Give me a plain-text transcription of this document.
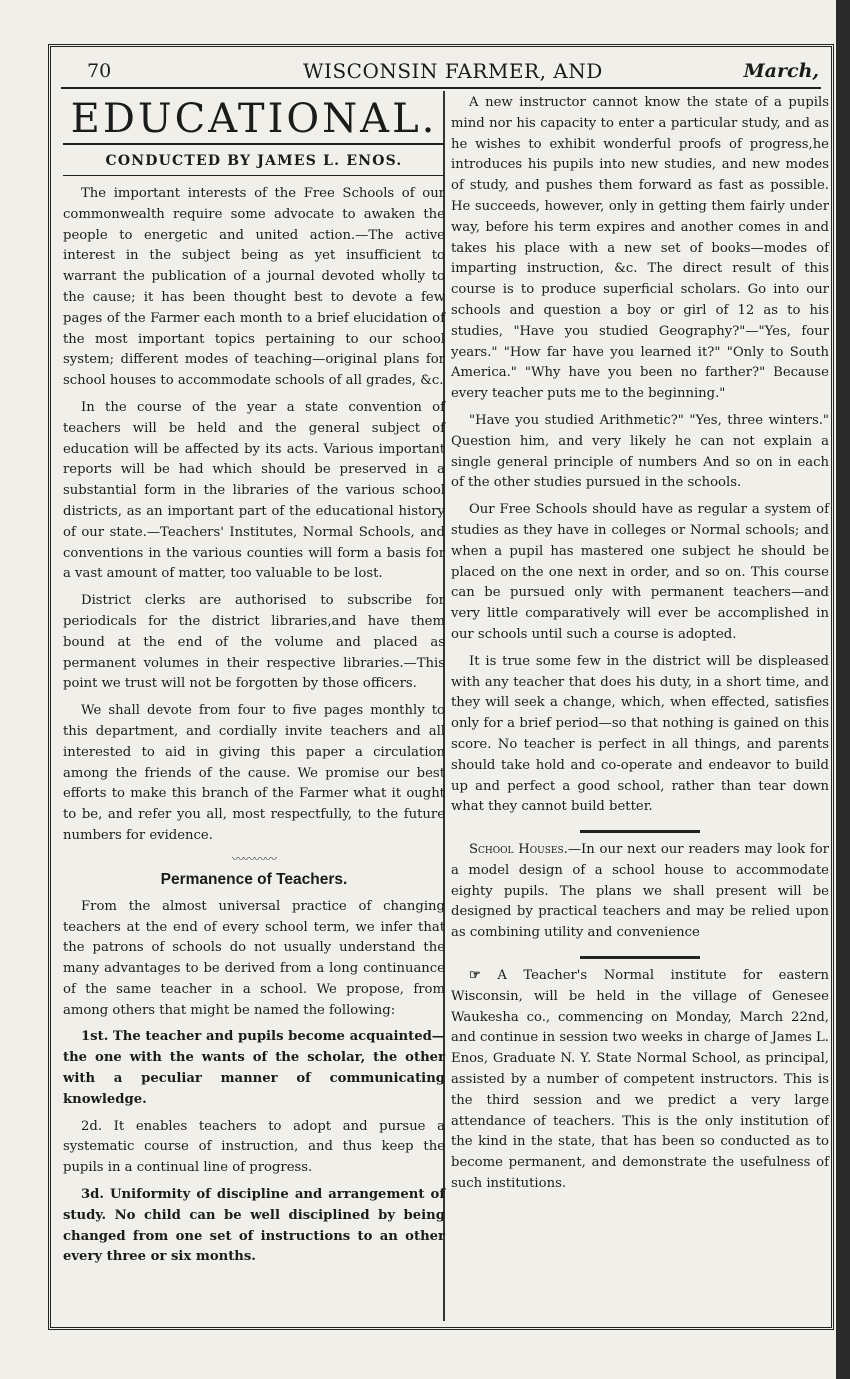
70	WISCONSIN FARMER, AND	March,
EDUCATIONAL.
CONDUCTED BY JAMES L. ENOS.

The important interests of the Free Schools of our commonwealth require some advocate to awaken the people to energetic and united action.—The active interest in the subject being as yet insufficient to warrant the publication of a journal devoted wholly to the cause; it has been thought best to devote a few pages of the Farmer each month to a brief elucidation of the most important topics pertaining to our school system; different modes of teaching—original plans for school houses to accommodate schools of all grades, &c.

In the course of the year a state convention of teachers will be held and the general subject of education will be affected by its acts. Various important reports will be had which should be preserved in a substantial form in the libraries of the various school districts, as an important part of the educational history of our state.—Teachers' Institutes, Normal Schools, and conventions in the various counties will form a basis for a vast amount of matter, too valuable to be lost.

District clerks are authorised to subscribe for periodicals for the district libraries,and have them bound at the end of the volume and placed as permanent volumes in their respective libraries.—This point we trust will not be forgotten by those officers.

We shall devote from four to five pages monthly to this department, and cordially invite teachers and all interested to aid in giving this paper a circulation among the friends of the cause. We promise our best efforts to make this branch of the Farmer what it ought to be, and refer you all, most respectfully, to the future numbers for evidence.

〰〰〰〰
Permanence of Teachers.

From the almost universal practice of changing teachers at the end of every school term, we infer that the patrons of schools do not usually understand the many advantages to be derived from a long continuance of the same teacher in a school. We propose, from among others that might be named the following:

1st. The teacher and pupils become acquainted—the one with the wants of the scholar, the other with a peculiar manner of communicating knowledge.

2d. It enables teachers to adopt and pursue a systematic course of instruction, and thus keep the pupils in a continual line of progress.

3d. Uniformity of discipline and arrangement of study. No child can be well disciplined by being changed from one set of instructions to an other every three or six months.

A new instructor cannot know the state of a pupils mind nor his capacity to enter a particular study, and as he wishes to exhibit wonderful proofs of progress,he introduces his pupils into new studies, and new modes of study, and pushes them forward as fast as possible. He succeeds, however, only in getting them fairly under way, before his term expires and another comes in and takes his place with a new set of books—modes of imparting instruction, &c. The direct result of this course is to produce superficial scholars. Go into our schools and question a boy or girl of 12 as to his studies, "Have you studied Geography?"—"Yes, four years." "How far have you learned it?" "Only to South America." "Why have you been no farther?" Because every teacher puts me to the beginning."

"Have you studied Arithmetic?" "Yes, three winters." Question him, and very likely he can not explain a single general principle of numbers And so on in each of the other studies pursued in the schools.

Our Free Schools should have as regular a system of studies as they have in colleges or Normal schools; and when a pupil has mastered one subject he should be placed on the one next in order, and so on. This course can be pursued only with permanent teachers—and very little comparatively will ever be accomplished in our schools until such a course is adopted.

It is true some few in the district will be displeased with any teacher that does his duty, in a short time, and they will seek a change, which, when effected, satisfies only for a brief period—so that nothing is gained on this score. No teacher is perfect in all things, and parents should take hold and co-operate and endeavor to build up and perfect a good school, rather than tear down what they cannot build better.

School Houses.—In our next our readers may look for a model design of a school house to accommodate eighty pupils. The plans we shall present will be designed by practical teachers and may be relied upon as combining utility and convenience

☞ A Teacher's Normal institute for eastern Wisconsin, will be held in the village of Genesee Waukesha co., commencing on Monday, March 22nd, and continue in session two weeks in charge of James L. Enos, Graduate N. Y. State Normal School, as principal, assisted by a number of competent instructors. This is the third session and we predict a very large attendance of teachers. This is the only institution of the kind in the state, that has been so conducted as to become permanent, and demonstrate the usefulness of such institutions.
